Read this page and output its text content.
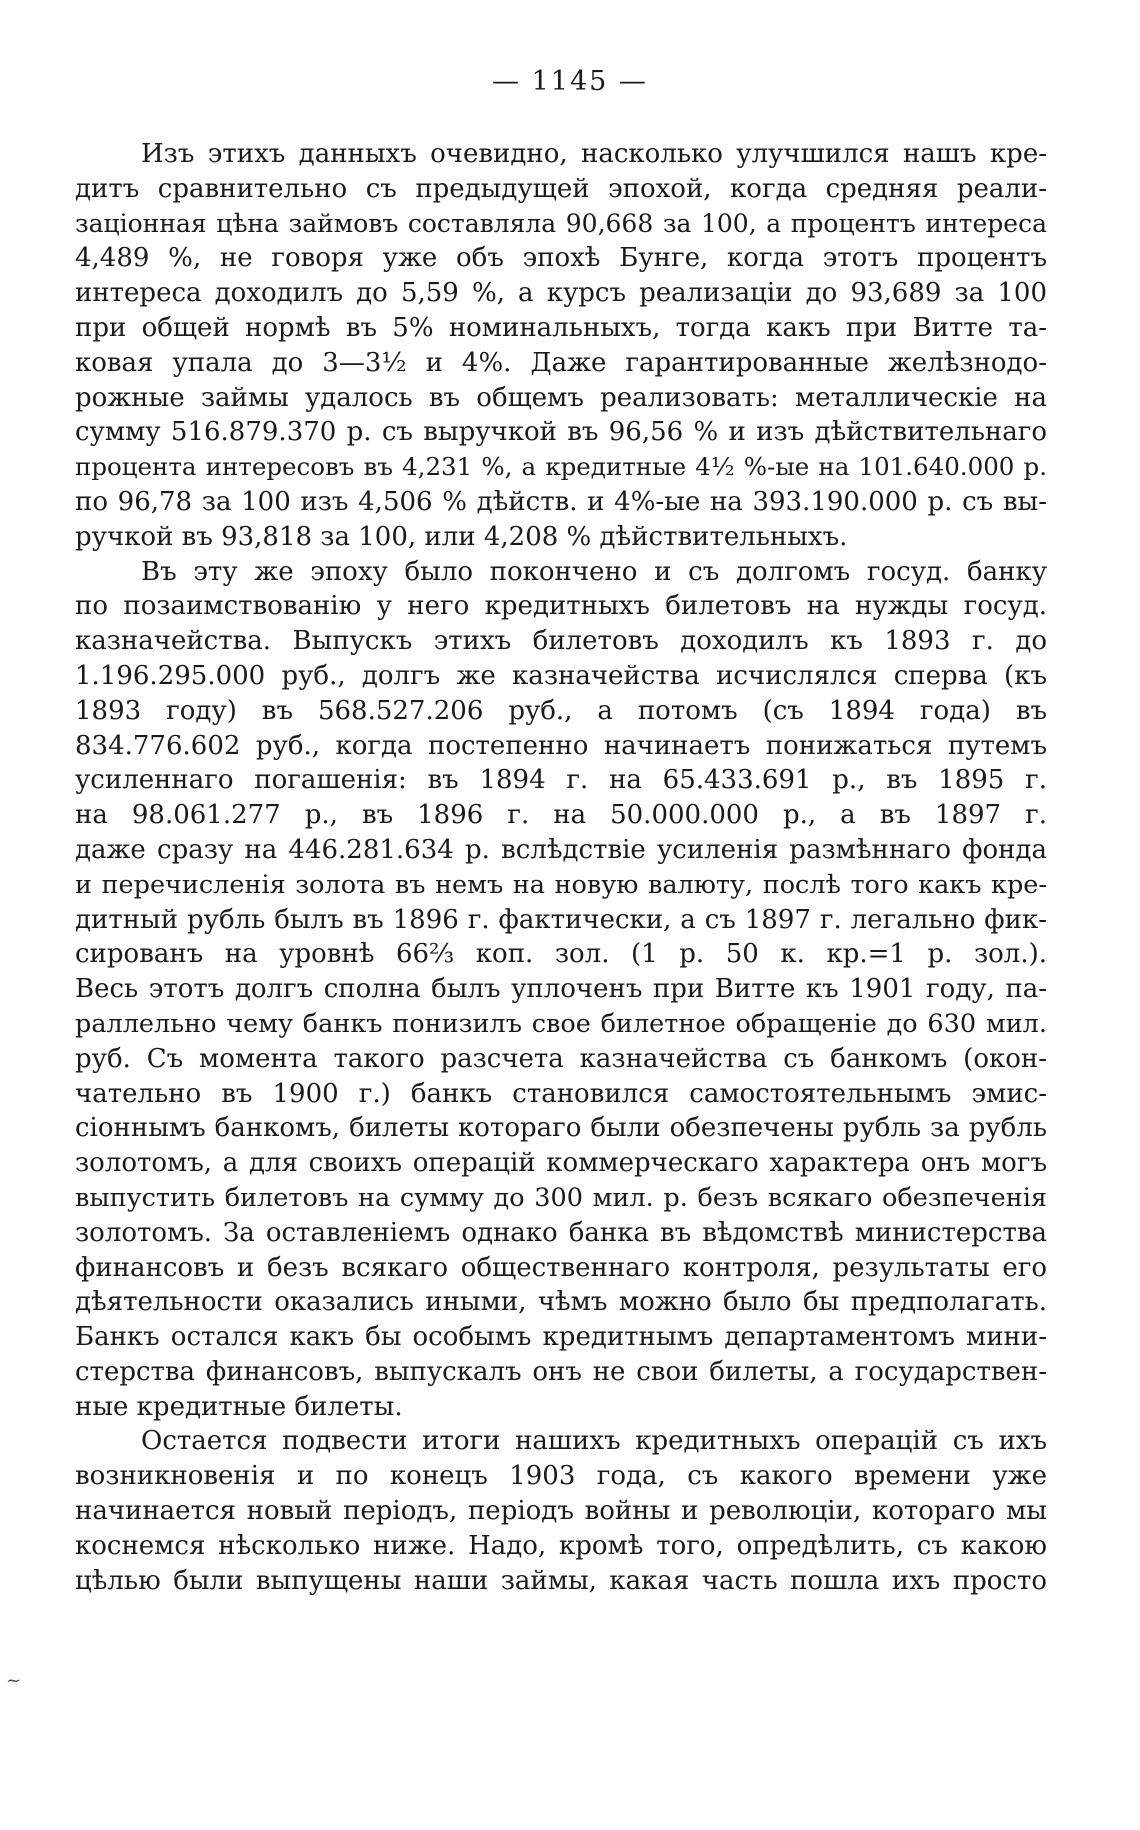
— 1145 —
Изъ этихъ данныхъ очевидно, насколько улучшился нашъ кре-
дитъ сравнительно съ предыдущей эпохой, когда средняя реали-
заціонная цѣна займовъ составляла 90,668 за 100, а процентъ интереса
4,489 %, не говоря уже объ эпохѣ Бунге, когда этотъ процентъ
интереса доходилъ до 5,59 %, а курсъ реализаціи до 93,689 за 100
при общей нормѣ въ 5% номинальныхъ, тогда какъ при Витте та-
ковая упала до 3—3½ и 4%. Даже гарантированные желѣзнодо-
рожные займы удалось въ общемъ реализовать: металлическіе на
сумму 516.879.370 р. съ выручкой въ 96,56 % и изъ дѣйствительнаго
процента интересовъ въ 4,231 %, а кредитные 4½ %-ые на 101.640.000 р.
по 96,78 за 100 изъ 4,506 % дѣйств. и 4%-ые на 393.190.000 р. съ вы-
ручкой въ 93,818 за 100, или 4,208 % дѣйствительныхъ.
Въ эту же эпоху было покончено и съ долгомъ госуд. банку
по позаимствованію у него кредитныхъ билетовъ на нужды госуд.
казначейства. Выпускъ этихъ билетовъ доходилъ къ 1893 г. до
1.196.295.000 руб., долгъ же казначейства исчислялся сперва (къ
1893 году) въ 568.527.206 руб., а потомъ (съ 1894 года) въ
834.776.602 руб., когда постепенно начинаетъ понижаться путемъ
усиленнаго погашенія: въ 1894 г. на 65.433.691 р., въ 1895 г.
на 98.061.277 р., въ 1896 г. на 50.000.000 р., а въ 1897 г.
даже сразу на 446.281.634 р. вслѣдствіе усиленія размѣннаго фонда
и перечисленія золота въ немъ на новую валюту, послѣ того какъ кре-
дитный рубль былъ въ 1896 г. фактически, а съ 1897 г. легально фик-
сированъ на уровнѣ 66⅔ коп. зол. (1 р. 50 к. кр.=1 р. зол.).
Весь этотъ долгъ сполна былъ уплоченъ при Витте къ 1901 году, па-
раллельно чему банкъ понизилъ свое билетное обращеніе до 630 мил.
руб. Съ момента такого разсчета казначейства съ банкомъ (окон-
чательно въ 1900 г.) банкъ становился самостоятельнымъ эмис-
сіоннымъ банкомъ, билеты котораго были обезпечены рубль за рубль
золотомъ, а для своихъ операцій коммерческаго характера онъ могъ
выпустить билетовъ на сумму до 300 мил. р. безъ всякаго обезпеченія
золотомъ. За оставленіемъ однако банка въ вѣдомствѣ министерства
финансовъ и безъ всякаго общественнаго контроля, результаты его
дѣятельности оказались иными, чѣмъ можно было бы предполагать.
Банкъ остался какъ бы особымъ кредитнымъ департаментомъ мини-
стерства финансовъ, выпускалъ онъ не свои билеты, а государствен-
ные кредитные билеты.
Остается подвести итоги нашихъ кредитныхъ операцій съ ихъ
возникновенія и по конецъ 1903 года, съ какого времени уже
начинается новый періодъ, періодъ войны и революціи, котораго мы
коснемся нѣсколько ниже. Надо, кромѣ того, опредѣлить, съ какою
цѣлью были выпущены наши займы, какая часть пошла ихъ просто
~
